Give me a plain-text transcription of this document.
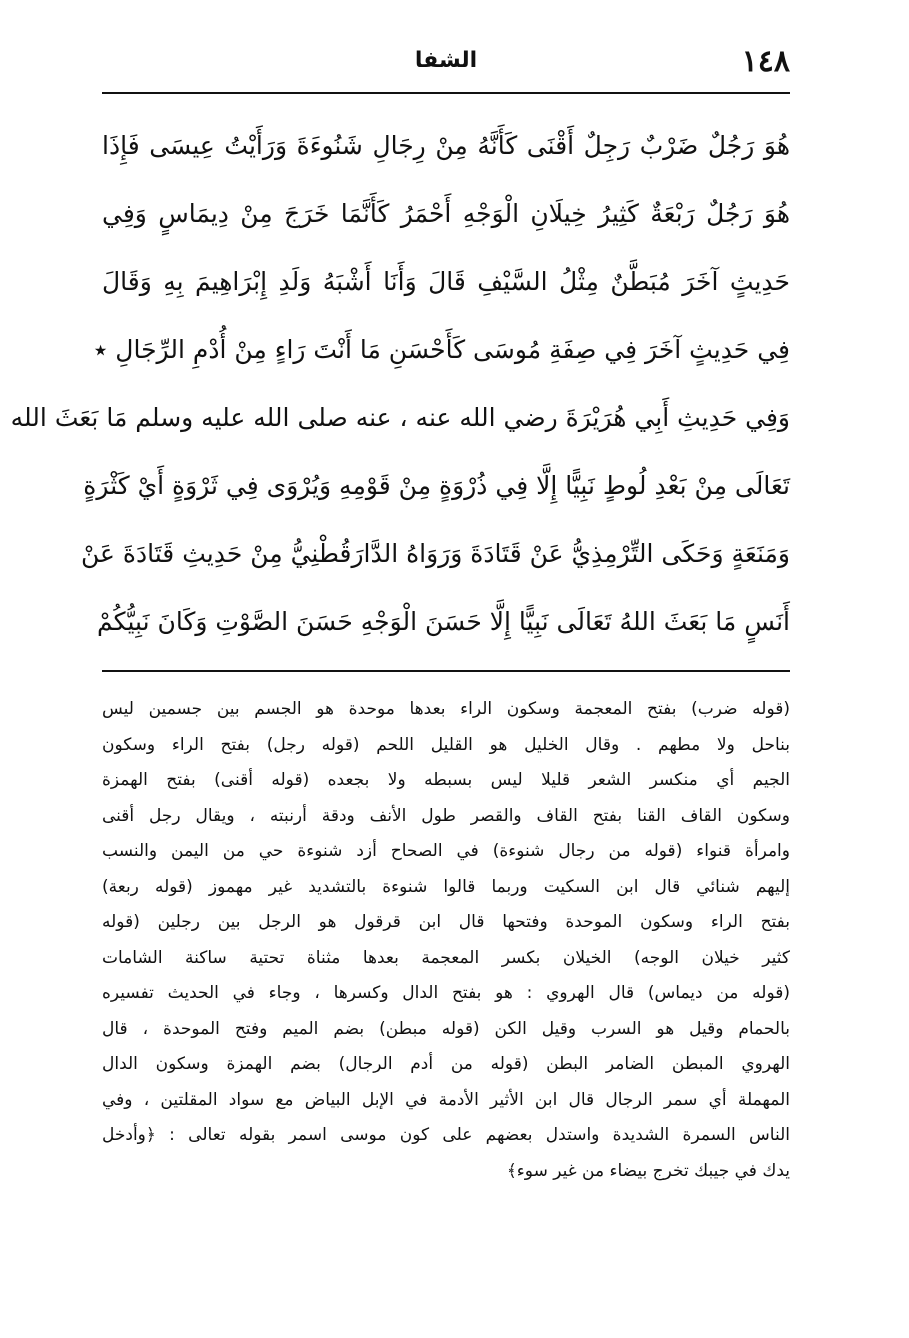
١٤٨
الشفا
هُوَ رَجُلٌ ضَرْبٌ رَجِلٌ أَقْنَى كَأَنَّهُ مِنْ رِجَالِ شَنُوءَةَ وَرَأَيْتُ عِيسَى فَإِذَا
هُوَ رَجُلٌ رَبْعَةٌ كَثِيرُ خِيلَانِ الْوَجْهِ أَحْمَرُ كَأَنَّمَا خَرَجَ مِنْ دِيمَاسٍ وَفِي
حَدِيثٍ آخَرَ مُبَطَّنٌ مِثْلُ السَّيْفِ قَالَ وَأَنَا أَشْبَهُ وَلَدِ إِبْرَاهِيمَ بِهِ وَقَالَ
فِي حَدِيثٍ آخَرَ فِي صِفَةِ مُوسَى كَأَحْسَنِ مَا أَنْتَ رَاءٍ مِنْ أُدْمِ الرِّجَالِ ٭
وَفِي حَدِيثِ أَبِي هُرَيْرَةَ رضي الله عنه ، عنه صلى الله عليه وسلم مَا بَعَثَ الله
تَعَالَى مِنْ بَعْدِ لُوطٍ نَبِيًّا إِلَّا فِي ذُرْوَةٍ مِنْ قَوْمِهِ وَيُرْوَى فِي ثَرْوَةٍ أَيْ كَثْرَةٍ
وَمَنَعَةٍ وَحَكَى التِّرْمِذِيُّ عَنْ قَتَادَةَ وَرَوَاهُ الدَّارَقُطْنِيُّ مِنْ حَدِيثِ قَتَادَةَ عَنْ
أَنَسٍ مَا بَعَثَ اللهُ تَعَالَى نَبِيًّا إِلَّا حَسَنَ الْوَجْهِ حَسَنَ الصَّوْتِ وَكَانَ نَبِيُّكُمْ
(قوله ضرب) بفتح المعجمة وسكون الراء بعدها موحدة هو الجسم بين جسمين ليس
بناحل ولا مطهم . وقال الخليل هو القليل اللحم (قوله رجل) بفتح الراء وسكون
الجيم أي منكسر الشعر قليلا ليس بسبطه ولا بجعده (قوله أقنى) بفتح الهمزة
وسكون القاف القنا بفتح القاف والقصر طول الأنف ودقة أرنبته ، ويقال رجل أقنى
وامرأة قنواء (قوله من رجال شنوءة) في الصحاح أزد شنوءة حي من اليمن والنسب
إليهم شنائي قال ابن السكيت وربما قالوا شنوءة بالتشديد غير مهموز (قوله ربعة)
بفتح الراء وسكون الموحدة وفتحها قال ابن قرقول هو الرجل بين رجلين (قوله
كثير خيلان الوجه) الخيلان بكسر المعجمة بعدها مثناة تحتية ساكنة الشامات
(قوله من ديماس) قال الهروي : هو بفتح الدال وكسرها ، وجاء في الحديث تفسيره
بالحمام وقيل هو السرب وقيل الكن (قوله مبطن) بضم الميم وفتح الموحدة ، قال
الهروي المبطن الضامر البطن (قوله من أدم الرجال) بضم الهمزة وسكون الدال
المهملة أي سمر الرجال قال ابن الأثير الأدمة في الإبل البياض مع سواد المقلتين ، وفي
الناس السمرة الشديدة واستدل بعضهم على كون موسى اسمر بقوله تعالى : ﴿وأدخل
يدك في جيبك تخرج بيضاء من غير سوء﴾
